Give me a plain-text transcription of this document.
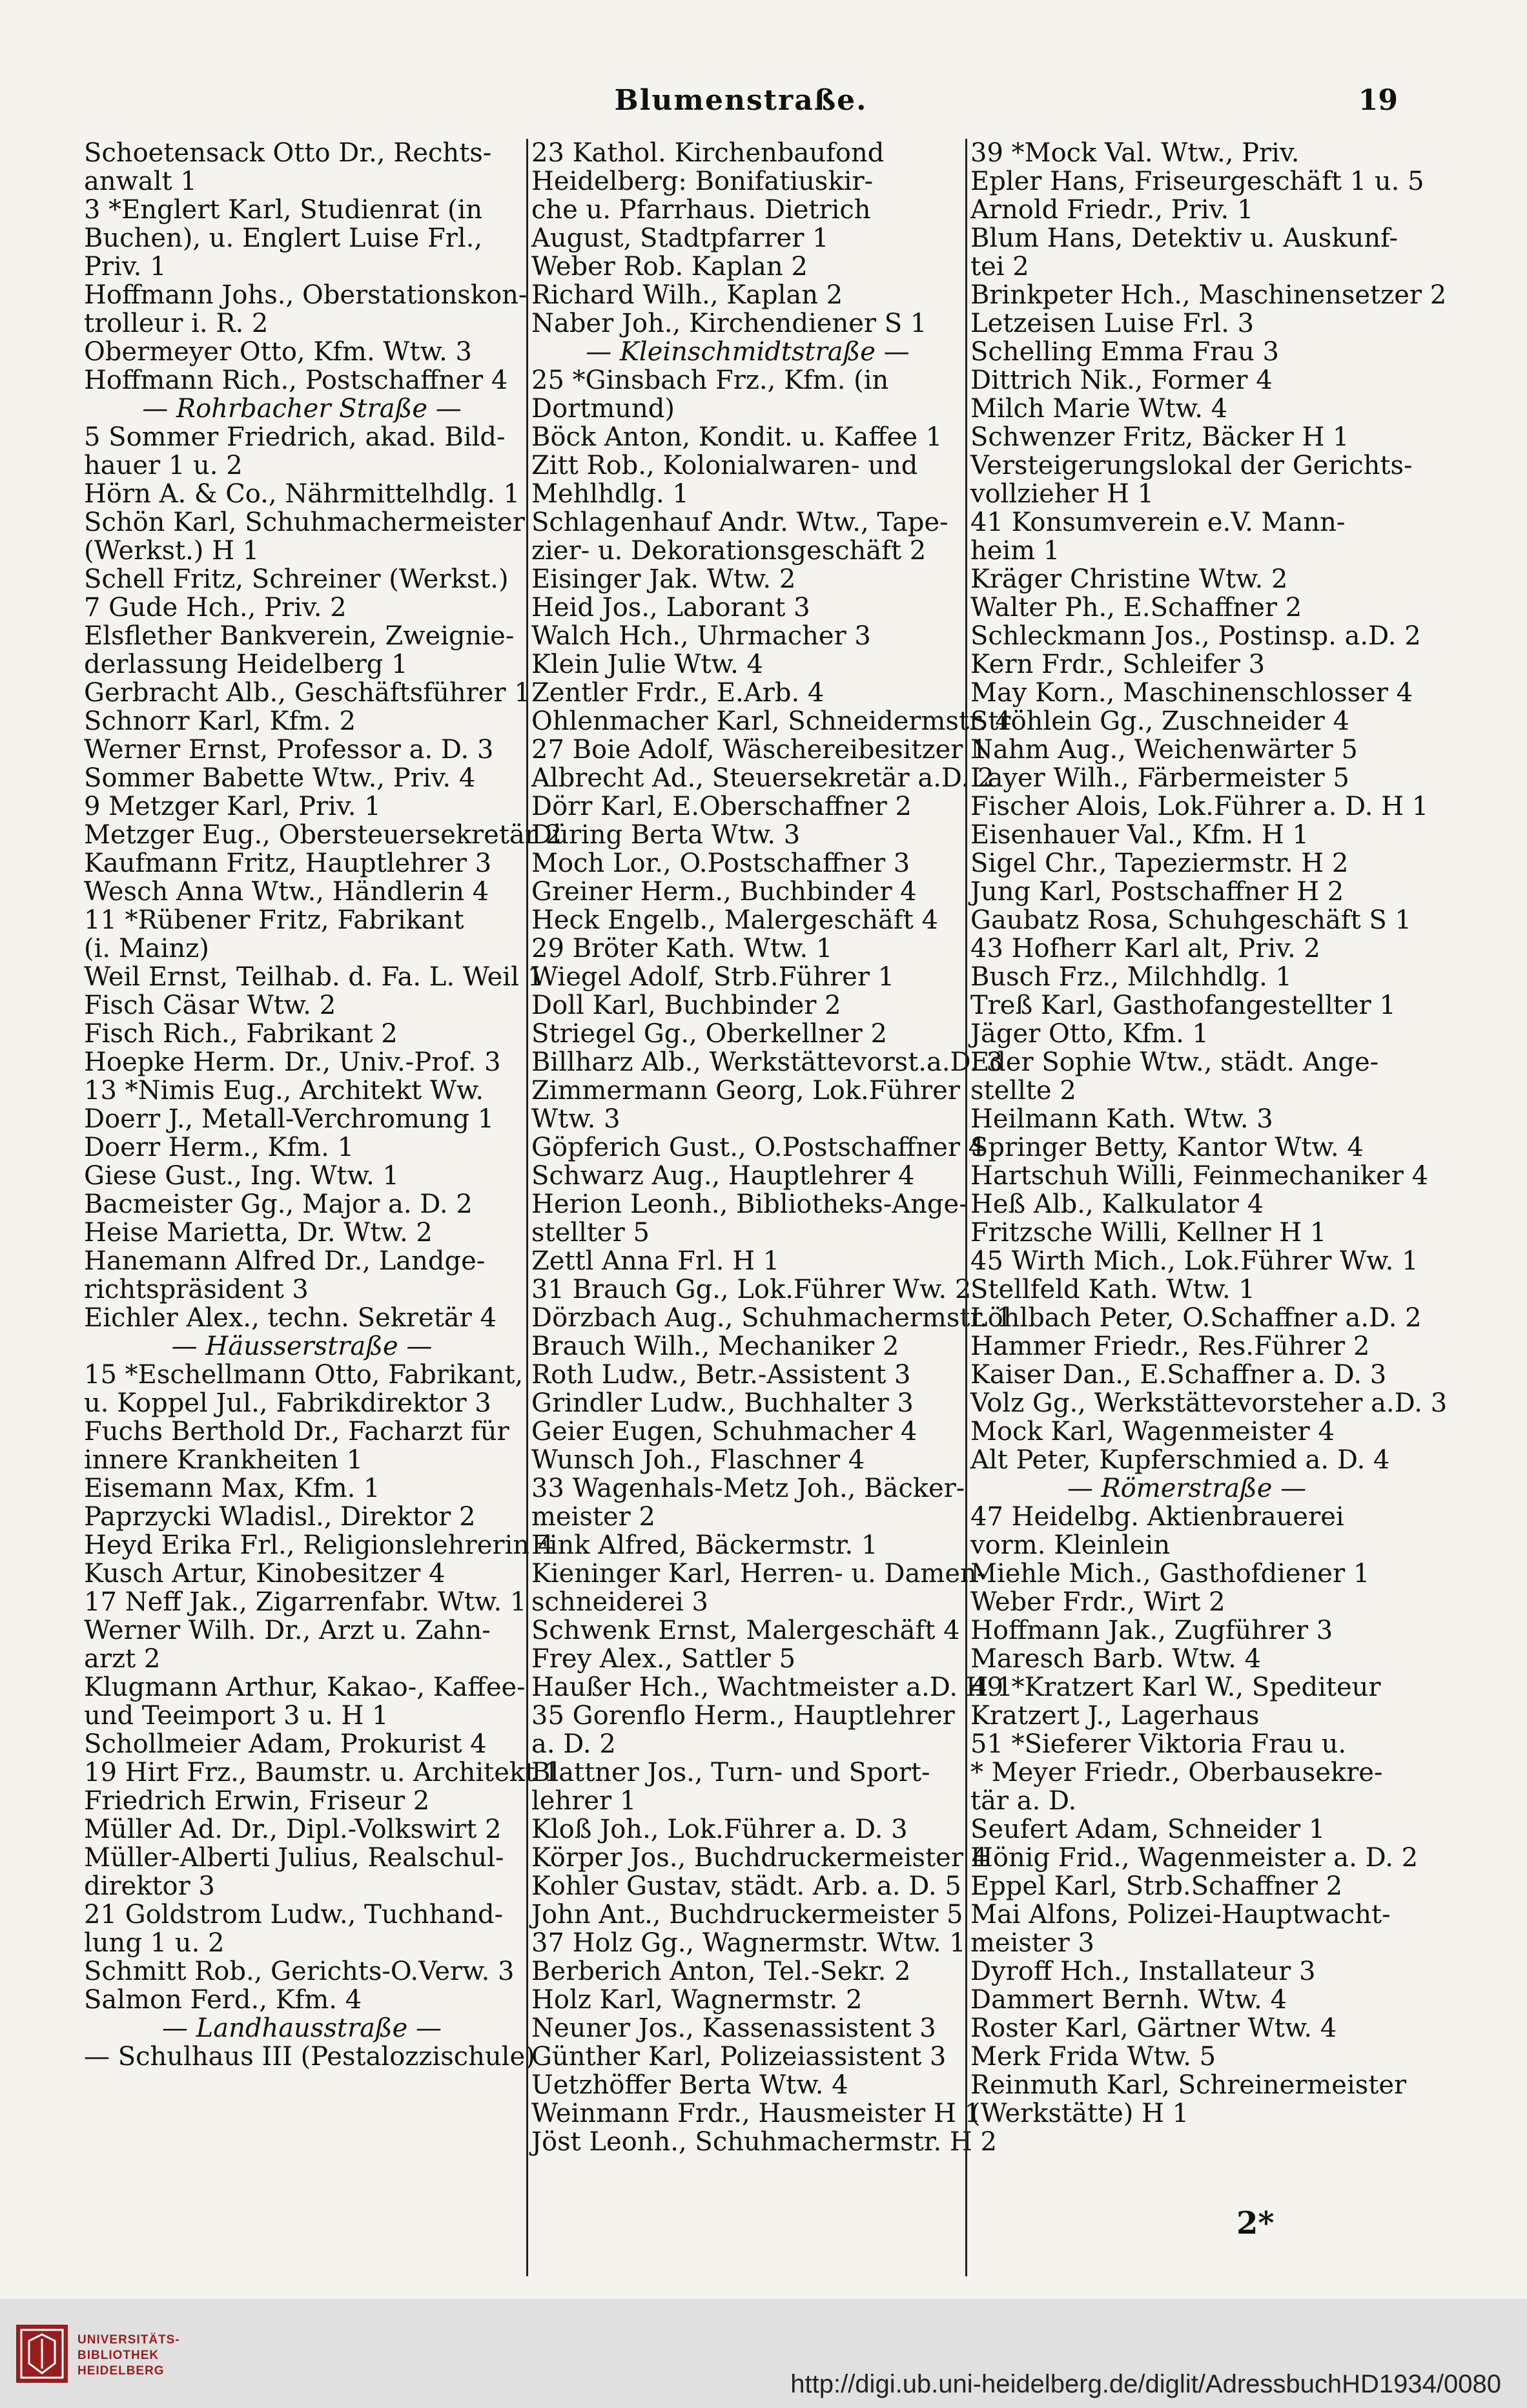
Blumenstraße.	19
Schoetensack Otto Dr., Rechts-
anwalt 1
3 *Englert Karl, Studienrat (in
Buchen), u. Englert Luise Frl.,
Priv. 1
Hoffmann Johs., Oberstationskon-
trolleur i. R. 2
Obermeyer Otto, Kfm. Wtw. 3
Hoffmann Rich., Postschaffner 4
— Rohrbacher Straße —
5 Sommer Friedrich, akad. Bild-
hauer 1 u. 2
Hörn A. & Co., Nährmittelhdlg. 1
Schön Karl, Schuhmachermeister
(Werkst.) H 1
Schell Fritz, Schreiner (Werkst.)
7 Gude Hch., Priv. 2
Elsflether Bankverein, Zweignie-
derlassung Heidelberg 1
Gerbracht Alb., Geschäftsführer 1
Schnorr Karl, Kfm. 2
Werner Ernst, Professor a. D. 3
Sommer Babette Wtw., Priv. 4
9 Metzger Karl, Priv. 1
Metzger Eug., Obersteuersekretär 2
Kaufmann Fritz, Hauptlehrer 3
Wesch Anna Wtw., Händlerin 4
11 *Rübener Fritz, Fabrikant
(i. Mainz)
Weil Ernst, Teilhab. d. Fa. L. Weil 1
Fisch Cäsar Wtw. 2
Fisch Rich., Fabrikant 2
Hoepke Herm. Dr., Univ.-Prof. 3
13 *Nimis Eug., Architekt Ww.
Doerr J., Metall-Verchromung 1
Doerr Herm., Kfm. 1
Giese Gust., Ing. Wtw. 1
Bacmeister Gg., Major a. D. 2
Heise Marietta, Dr. Wtw. 2
Hanemann Alfred Dr., Landge-
richtspräsident 3
Eichler Alex., techn. Sekretär 4
— Häusserstraße —
15 *Eschellmann Otto, Fabrikant,
u. Koppel Jul., Fabrikdirektor 3
Fuchs Berthold Dr., Facharzt für
innere Krankheiten 1
Eisemann Max, Kfm. 1
Paprzycki Wladisl., Direktor 2
Heyd Erika Frl., Religionslehrerin 4
Kusch Artur, Kinobesitzer 4
17 Neff Jak., Zigarrenfabr. Wtw. 1
Werner Wilh. Dr., Arzt u. Zahn-
arzt 2
Klugmann Arthur, Kakao-, Kaffee-
und Teeimport 3 u. H 1
Schollmeier Adam, Prokurist 4
19 Hirt Frz., Baumstr. u. Architekt 1
Friedrich Erwin, Friseur 2
Müller Ad. Dr., Dipl.-Volkswirt 2
Müller-Alberti Julius, Realschul-
direktor 3
21 Goldstrom Ludw., Tuchhand-
lung 1 u. 2
Schmitt Rob., Gerichts-O.Verw. 3
Salmon Ferd., Kfm. 4
— Landhausstraße —
— Schulhaus III (Pestalozzischule)
23 Kathol. Kirchenbaufond
Heidelberg: Bonifatiuskir-
che u. Pfarrhaus. Dietrich
August, Stadtpfarrer 1
Weber Rob. Kaplan 2
Richard Wilh., Kaplan 2
Naber Joh., Kirchendiener S 1
— Kleinschmidtstraße —
25 *Ginsbach Frz., Kfm. (in
Dortmund)
Böck Anton, Kondit. u. Kaffee 1
Zitt Rob., Kolonialwaren- und
Mehlhdlg. 1
Schlagenhauf Andr. Wtw., Tape-
zier- u. Dekorationsgeschäft 2
Eisinger Jak. Wtw. 2
Heid Jos., Laborant 3
Walch Hch., Uhrmacher 3
Klein Julie Wtw. 4
Zentler Frdr., E.Arb. 4
Ohlenmacher Karl, Schneidermstr. 4
27 Boie Adolf, Wäschereibesitzer 1
Albrecht Ad., Steuersekretär a.D. 2
Dörr Karl, E.Oberschaffner 2
Düring Berta Wtw. 3
Moch Lor., O.Postschaffner 3
Greiner Herm., Buchbinder 4
Heck Engelb., Malergeschäft 4
29 Bröter Kath. Wtw. 1
Wiegel Adolf, Strb.Führer 1
Doll Karl, Buchbinder 2
Striegel Gg., Oberkellner 2
Billharz Alb., Werkstättevorst.a.D. 3
Zimmermann Georg, Lok.Führer
Wtw. 3
Göpferich Gust., O.Postschaffner 4
Schwarz Aug., Hauptlehrer 4
Herion Leonh., Bibliotheks-Ange-
stellter 5
Zettl Anna Frl. H 1
31 Brauch Gg., Lok.Führer Ww. 2
Dörzbach Aug., Schuhmachermstr. 1
Brauch Wilh., Mechaniker 2
Roth Ludw., Betr.-Assistent 3
Grindler Ludw., Buchhalter 3
Geier Eugen, Schuhmacher 4
Wunsch Joh., Flaschner 4
33 Wagenhals-Metz Joh., Bäcker-
meister 2
Fink Alfred, Bäckermstr. 1
Kieninger Karl, Herren- u. Damen-
schneiderei 3
Schwenk Ernst, Malergeschäft 4
Frey Alex., Sattler 5
Haußer Hch., Wachtmeister a.D. H 1
35 Gorenflo Herm., Hauptlehrer
a. D. 2
Blattner Jos., Turn- und Sport-
lehrer 1
Kloß Joh., Lok.Führer a. D. 3
Körper Jos., Buchdruckermeister 4
Kohler Gustav, städt. Arb. a. D. 5
John Ant., Buchdruckermeister 5
37 Holz Gg., Wagnermstr. Wtw. 1
Berberich Anton, Tel.-Sekr. 2
Holz Karl, Wagnermstr. 2
Neuner Jos., Kassenassistent 3
Günther Karl, Polizeiassistent 3
Uetzhöffer Berta Wtw. 4
Weinmann Frdr., Hausmeister H 1
Jöst Leonh., Schuhmachermstr. H 2
39 *Mock Val. Wtw., Priv.
Epler Hans, Friseurgeschäft 1 u. 5
Arnold Friedr., Priv. 1
Blum Hans, Detektiv u. Auskunf-
tei 2
Brinkpeter Hch., Maschinensetzer 2
Letzeisen Luise Frl. 3
Schelling Emma Frau 3
Dittrich Nik., Former 4
Milch Marie Wtw. 4
Schwenzer Fritz, Bäcker H 1
Versteigerungslokal der Gerichts-
vollzieher H 1
41 Konsumverein e.V. Mann-
heim 1
Kräger Christine Wtw. 2
Walter Ph., E.Schaffner 2
Schleckmann Jos., Postinsp. a.D. 2
Kern Frdr., Schleifer 3
May Korn., Maschinenschlosser 4
Ströhlein Gg., Zuschneider 4
Nahm Aug., Weichenwärter 5
Layer Wilh., Färbermeister 5
Fischer Alois, Lok.Führer a. D. H 1
Eisenhauer Val., Kfm. H 1
Sigel Chr., Tapeziermstr. H 2
Jung Karl, Postschaffner H 2
Gaubatz Rosa, Schuhgeschäft S 1
43 Hofherr Karl alt, Priv. 2
Busch Frz., Milchhdlg. 1
Treß Karl, Gasthofangestellter 1
Jäger Otto, Kfm. 1
Eder Sophie Wtw., städt. Ange-
stellte 2
Heilmann Kath. Wtw. 3
Springer Betty, Kantor Wtw. 4
Hartschuh Willi, Feinmechaniker 4
Heß Alb., Kalkulator 4
Fritzsche Willi, Kellner H 1
45 Wirth Mich., Lok.Führer Ww. 1
Stellfeld Kath. Wtw. 1
Löhlbach Peter, O.Schaffner a.D. 2
Hammer Friedr., Res.Führer 2
Kaiser Dan., E.Schaffner a. D. 3
Volz Gg., Werkstättevorsteher a.D. 3
Mock Karl, Wagenmeister 4
Alt Peter, Kupferschmied a. D. 4
— Römerstraße —
47 Heidelbg. Aktienbrauerei
vorm. Kleinlein
Miehle Mich., Gasthofdiener 1
Weber Frdr., Wirt 2
Hoffmann Jak., Zugführer 3
Maresch Barb. Wtw. 4
49 *Kratzert Karl W., Spediteur
Kratzert J., Lagerhaus
51 *Sieferer Viktoria Frau u.
* Meyer Friedr., Oberbausekre-
tär a. D.
Seufert Adam, Schneider 1
Hönig Frid., Wagenmeister a. D. 2
Eppel Karl, Strb.Schaffner 2
Mai Alfons, Polizei-Hauptwacht-
meister 3
Dyroff Hch., Installateur 3
Dammert Bernh. Wtw. 4
Roster Karl, Gärtner Wtw. 4
Merk Frida Wtw. 5
Reinmuth Karl, Schreinermeister
(Werkstätte) H 1
2*
UNIVERSITÄTS-
BIBLIOTHEK
HEIDELBERG	http://digi.ub.uni-heidelberg.de/diglit/AdressbuchHD1934/0080
